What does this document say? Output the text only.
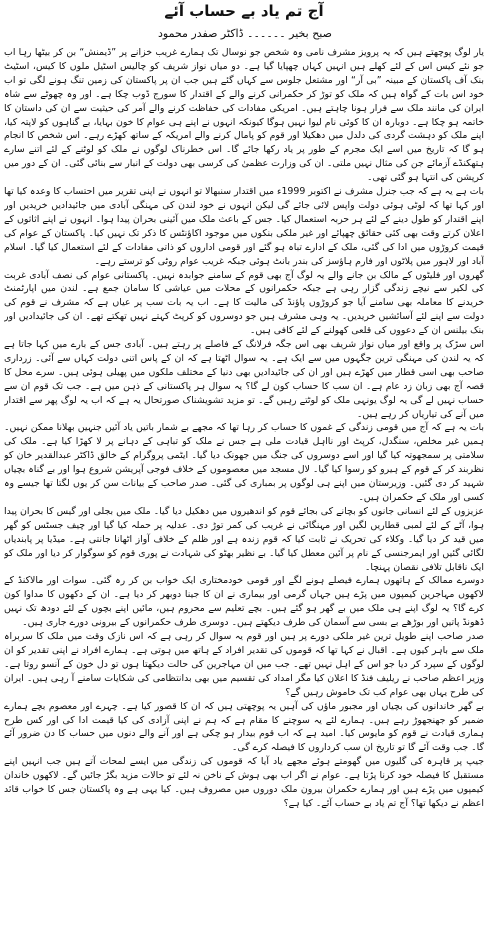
آج تم یاد بے حساب آئے
صبح بخیر ۔۔۔۔۔۔ ڈاکٹر صفدر محمود

یار لوگ پوچھتے ہیں کہ یہ پرویز مشرف نامی وہ شخص جو نوسال تک ہمارے غریب خزانے پر ”ڈیمنش“ بن کر بیٹھا رہا اب جو نئے کیس اس کے لئے کھلے ہیں انہیں کہاں چھپایا گیا ہے۔ دو میاں نواز شریف کو چالیس اسٹیل ملوں کا کیس، اسٹیٹ بنک آف پاکستان کے مبینہ ”بی آر“ اور مشتعل جلوس سے کہاں گئے ہیں جب ان پر پاکستان کی زمین تنگ ہونے لگی تو اب خود اس بات کے گواہ ہیں کہ ملک کو توڑ کر حکمرانی کرنے والے کے اقتدار کا سورج ڈوب چکا ہے۔ اور وہ چھوٹے سے شاہ ایران کی مانند ملک سے فرار ہونا چاہتے ہیں۔ امریکی مفادات کی حفاظت کرنے والے آمر کی حیثیت سے ان کی داستان کا خاتمہ ہو چکا ہے۔ دوبارہ ان کا کوئی نام لیوا نہیں ہوگا کیونکہ انہوں نے اپنے ہی عوام کا خون بہایا، بے گناہوں کو لاپتہ کیا، اپنے ملک کو دہشت گردی کی دلدل میں دھکیلا اور قوم کو پامال کرنے والے امریکہ کے ساتھ کھڑے رہے۔ اس شخص کا انجام ہو گا کہ تاریخ میں اسے ایک مجرم کے طور پر یاد رکھا جائے گا۔ اس خطرناک لوگوں نے ملک کو لوٹنے کے لئے اتنے سارے ہتھکنڈے آزمائے جن کی مثال نہیں ملتی۔ ان کی وزارت عظمیٰ کی کرسی بھی دولت کے انبار سے بنائی گئی۔ ان کے دور میں کرپشن کی انتہا ہو گئی تھی۔

بات ہے یہ ہے کہ جب جنرل مشرف نے اکتوبر 1999ء میں اقتدار سنبھالا تو انہوں نے اپنی تقریر میں احتساب کا وعدہ کیا تھا اور کہا تھا کہ لوٹی ہوئی دولت واپس لائی جائے گی لیکن انہوں نے خود لندن کی مہنگی آبادی میں جائیدادیں خریدیں اور اپنے اقتدار کو طول دینے کے لئے ہر حربہ استعمال کیا۔ جس کے باعث ملک میں آئینی بحران پیدا ہوا۔ انہوں نے اپنے اثاثوں کے اعلان کرتے وقت بھی کئی حقائق چھپائے اور غیر ملکی بنکوں میں موجود اکاؤنٹس کا ذکر تک نہیں کیا۔ پاکستان کے عوام کی قیمت کروڑوں میں ادا کی گئی، ملک کے ادارے تباہ ہو گئے اور قومی اداروں کو ذاتی مفادات کے لئے استعمال کیا گیا۔ اسلام آباد اور لاہور میں پلاٹوں اور فارم ہاؤسز کی بندر بانٹ ہوئی جبکہ غریب عوام روٹی کو ترستے رہے۔

گھروں اور فلیٹوں کے مالک بن جانے والے یہ لوگ آج بھی قوم کے سامنے جوابدہ نہیں۔ پاکستانی عوام کی نصف آبادی غربت کی لکیر سے نیچے زندگی گزار رہی ہے جبکہ حکمرانوں کے محلات میں عیاشی کا سامان جمع ہے۔ لندن میں اپارٹمنٹ خریدنے کا معاملہ بھی سامنے آیا جو کروڑوں پاؤنڈ کی مالیت کا ہے۔ اب یہ بات سب پر عیاں ہے کہ مشرف نے قوم کی دولت سے اپنے لئے آسائشیں خریدیں۔ یہ وہی مشرف ہیں جو دوسروں کو کرپٹ کہتے نہیں تھکتے تھے۔ ان کی جائیدادیں اور بنک بیلنس ان کے دعووں کی قلعی کھولنے کے لئے کافی ہیں۔

اس سڑک پر واقع اور میاں نواز شریف بھی اس جگہ فرلانگ کے فاصلے پر رہتے ہیں۔ آبادی جس کے بارے میں کہا جاتا ہے کہ یہ لندن کی مہنگی ترین جگہوں میں سے ایک ہے۔ یہ سوال اٹھتا ہے کہ ان کے پاس اتنی دولت کہاں سے آئی۔ زرداری صاحب بھی اسی قطار میں کھڑے ہیں اور ان کی جائیدادیں بھی دنیا کے مختلف ملکوں میں پھیلی ہوئی ہیں۔ سرے محل کا قصہ آج بھی زبان زد عام ہے۔ ان سب کا حساب کون لے گا؟ یہ سوال ہر پاکستانی کے ذہن میں ہے۔ جب تک قوم ان سے حساب نہیں لے گی یہ لوگ یونہی ملک کو لوٹتے رہیں گے۔ تو مزید تشویشناک صورتحال یہ ہے کہ اب یہ لوگ پھر سے اقتدار میں آنے کی تیاریاں کر رہے ہیں۔

بات یہ ہے کہ آج میں قومی زندگی کے غموں کا حساب کر رہا تھا کہ مجھے بے شمار باتیں یاد آئیں جنہیں بھلانا ممکن نہیں۔ ہمیں غیر مخلص، سنگدل، کرپٹ اور نااہل قیادت ملی ہے جس نے ملک کو تباہی کے دہانے پر لا کھڑا کیا ہے۔ ملک کی سلامتی پر سمجھوتہ کیا گیا اور اسے دوسروں کی جنگ میں جھونک دیا گیا۔ ایٹمی پروگرام کے خالق ڈاکٹر عبدالقدیر خان کو نظربند کر کے قوم کے ہیرو کو رسوا کیا گیا۔ لال مسجد میں معصوموں کے خلاف فوجی آپریشن شروع ہوا اور بے گناہ بچیاں شہید کر دی گئیں۔ وزیرستان میں اپنے ہی لوگوں پر بمباری کی گئی۔ صدر صاحب کے بیانات سن کر یوں لگتا تھا جیسے وہ کسی اور ملک کے حکمران ہیں۔

عزیزوں کے لئے انسانی جانوں کو بچانے کی بجائے قوم کو اندھیروں میں دھکیل دیا گیا۔ ملک میں بجلی اور گیس کا بحران پیدا ہوا، آٹے کے لئے لمبی قطاریں لگیں اور مہنگائی نے غریب کی کمر توڑ دی۔ عدلیہ پر حملہ کیا گیا اور چیف جسٹس کو گھر میں قید کر دیا گیا۔ وکلاء کی تحریک نے ثابت کیا کہ قوم زندہ ہے اور ظلم کے خلاف آواز اٹھانا جانتی ہے۔ میڈیا پر پابندیاں لگائی گئیں اور ایمرجنسی کے نام پر آئین معطل کیا گیا۔ بے نظیر بھٹو کی شہادت نے پوری قوم کو سوگوار کر دیا اور ملک کو ایک ناقابل تلافی نقصان پہنچا۔

دوسرے ممالک کے ہاتھوں ہمارے فیصلے ہونے لگے اور قومی خودمختاری ایک خواب بن کر رہ گئی۔ سوات اور مالاکنڈ کے لاکھوں مہاجرین کیمپوں میں پڑے ہیں جہاں گرمی اور بیماری نے ان کا جینا دوبھر کر دیا ہے۔ ان کے دکھوں کا مداوا کون کرے گا؟ یہ لوگ اپنے ہی ملک میں بے گھر ہو گئے ہیں۔ بچے تعلیم سے محروم ہیں، مائیں اپنے بچوں کے لئے دودھ تک نہیں ڈھونڈ پاتیں اور بوڑھے بے بسی سے آسمان کی طرف دیکھتے ہیں۔ دوسری طرف حکمرانوں کے بیرونی دورے جاری ہیں۔

صدر صاحب اپنے طویل ترین غیر ملکی دورے پر ہیں اور قوم یہ سوال کر رہی ہے کہ اس نازک وقت میں ملک کا سربراہ ملک سے باہر کیوں ہے۔ اقبال نے کہا تھا کہ قوموں کی تقدیر افراد کے ہاتھ میں ہوتی ہے۔ ہمارے افراد نے اپنی تقدیر کو ان لوگوں کے سپرد کر دیا جو اس کے اہل نہیں تھے۔ جب میں ان مہاجرین کی حالت دیکھتا ہوں تو دل خون کے آنسو روتا ہے۔ وزیر اعظم صاحب نے ریلیف فنڈ کا اعلان کیا مگر امداد کی تقسیم میں بھی بدانتظامی کی شکایات سامنے آ رہی ہیں۔ ایران کی طرح یہاں بھی عوام کب تک خاموش رہیں گے؟

بے گھر خاندانوں کی بچیاں اور مجبور ماؤں کی آہیں یہ پوچھتی ہیں کہ ان کا قصور کیا ہے۔ چہرے اور معصوم بچے ہمارے ضمیر کو جھنجھوڑ رہے ہیں۔ ہمارے لئے یہ سوچنے کا مقام ہے کہ ہم نے اپنی آزادی کی کیا قیمت ادا کی اور کس طرح ہماری قیادت نے قوم کو مایوس کیا۔ امید ہے کہ اب قوم بیدار ہو چکی ہے اور آنے والے دنوں میں حساب کا دن ضرور آئے گا۔ جب وقت آئے گا تو تاریخ ان سب کرداروں کا فیصلہ کرے گی۔

جیپ پر قاہرہ کی گلیوں میں گھومتے ہوئے مجھے یاد آیا کہ قوموں کی زندگی میں ایسے لمحات آتے ہیں جب انہیں اپنے مستقبل کا فیصلہ خود کرنا پڑتا ہے۔ عوام نے اگر اب بھی ہوش کے ناخن نہ لئے تو حالات مزید بگڑ جائیں گے۔ لاکھوں خاندان کیمپوں میں پڑے ہیں اور ہمارے حکمران بیرون ملک دوروں میں مصروف ہیں۔ کیا یہی ہے وہ پاکستان جس کا خواب قائد اعظم نے دیکھا تھا؟ آج تم یاد بے حساب آئے۔ کیا ہے؟
